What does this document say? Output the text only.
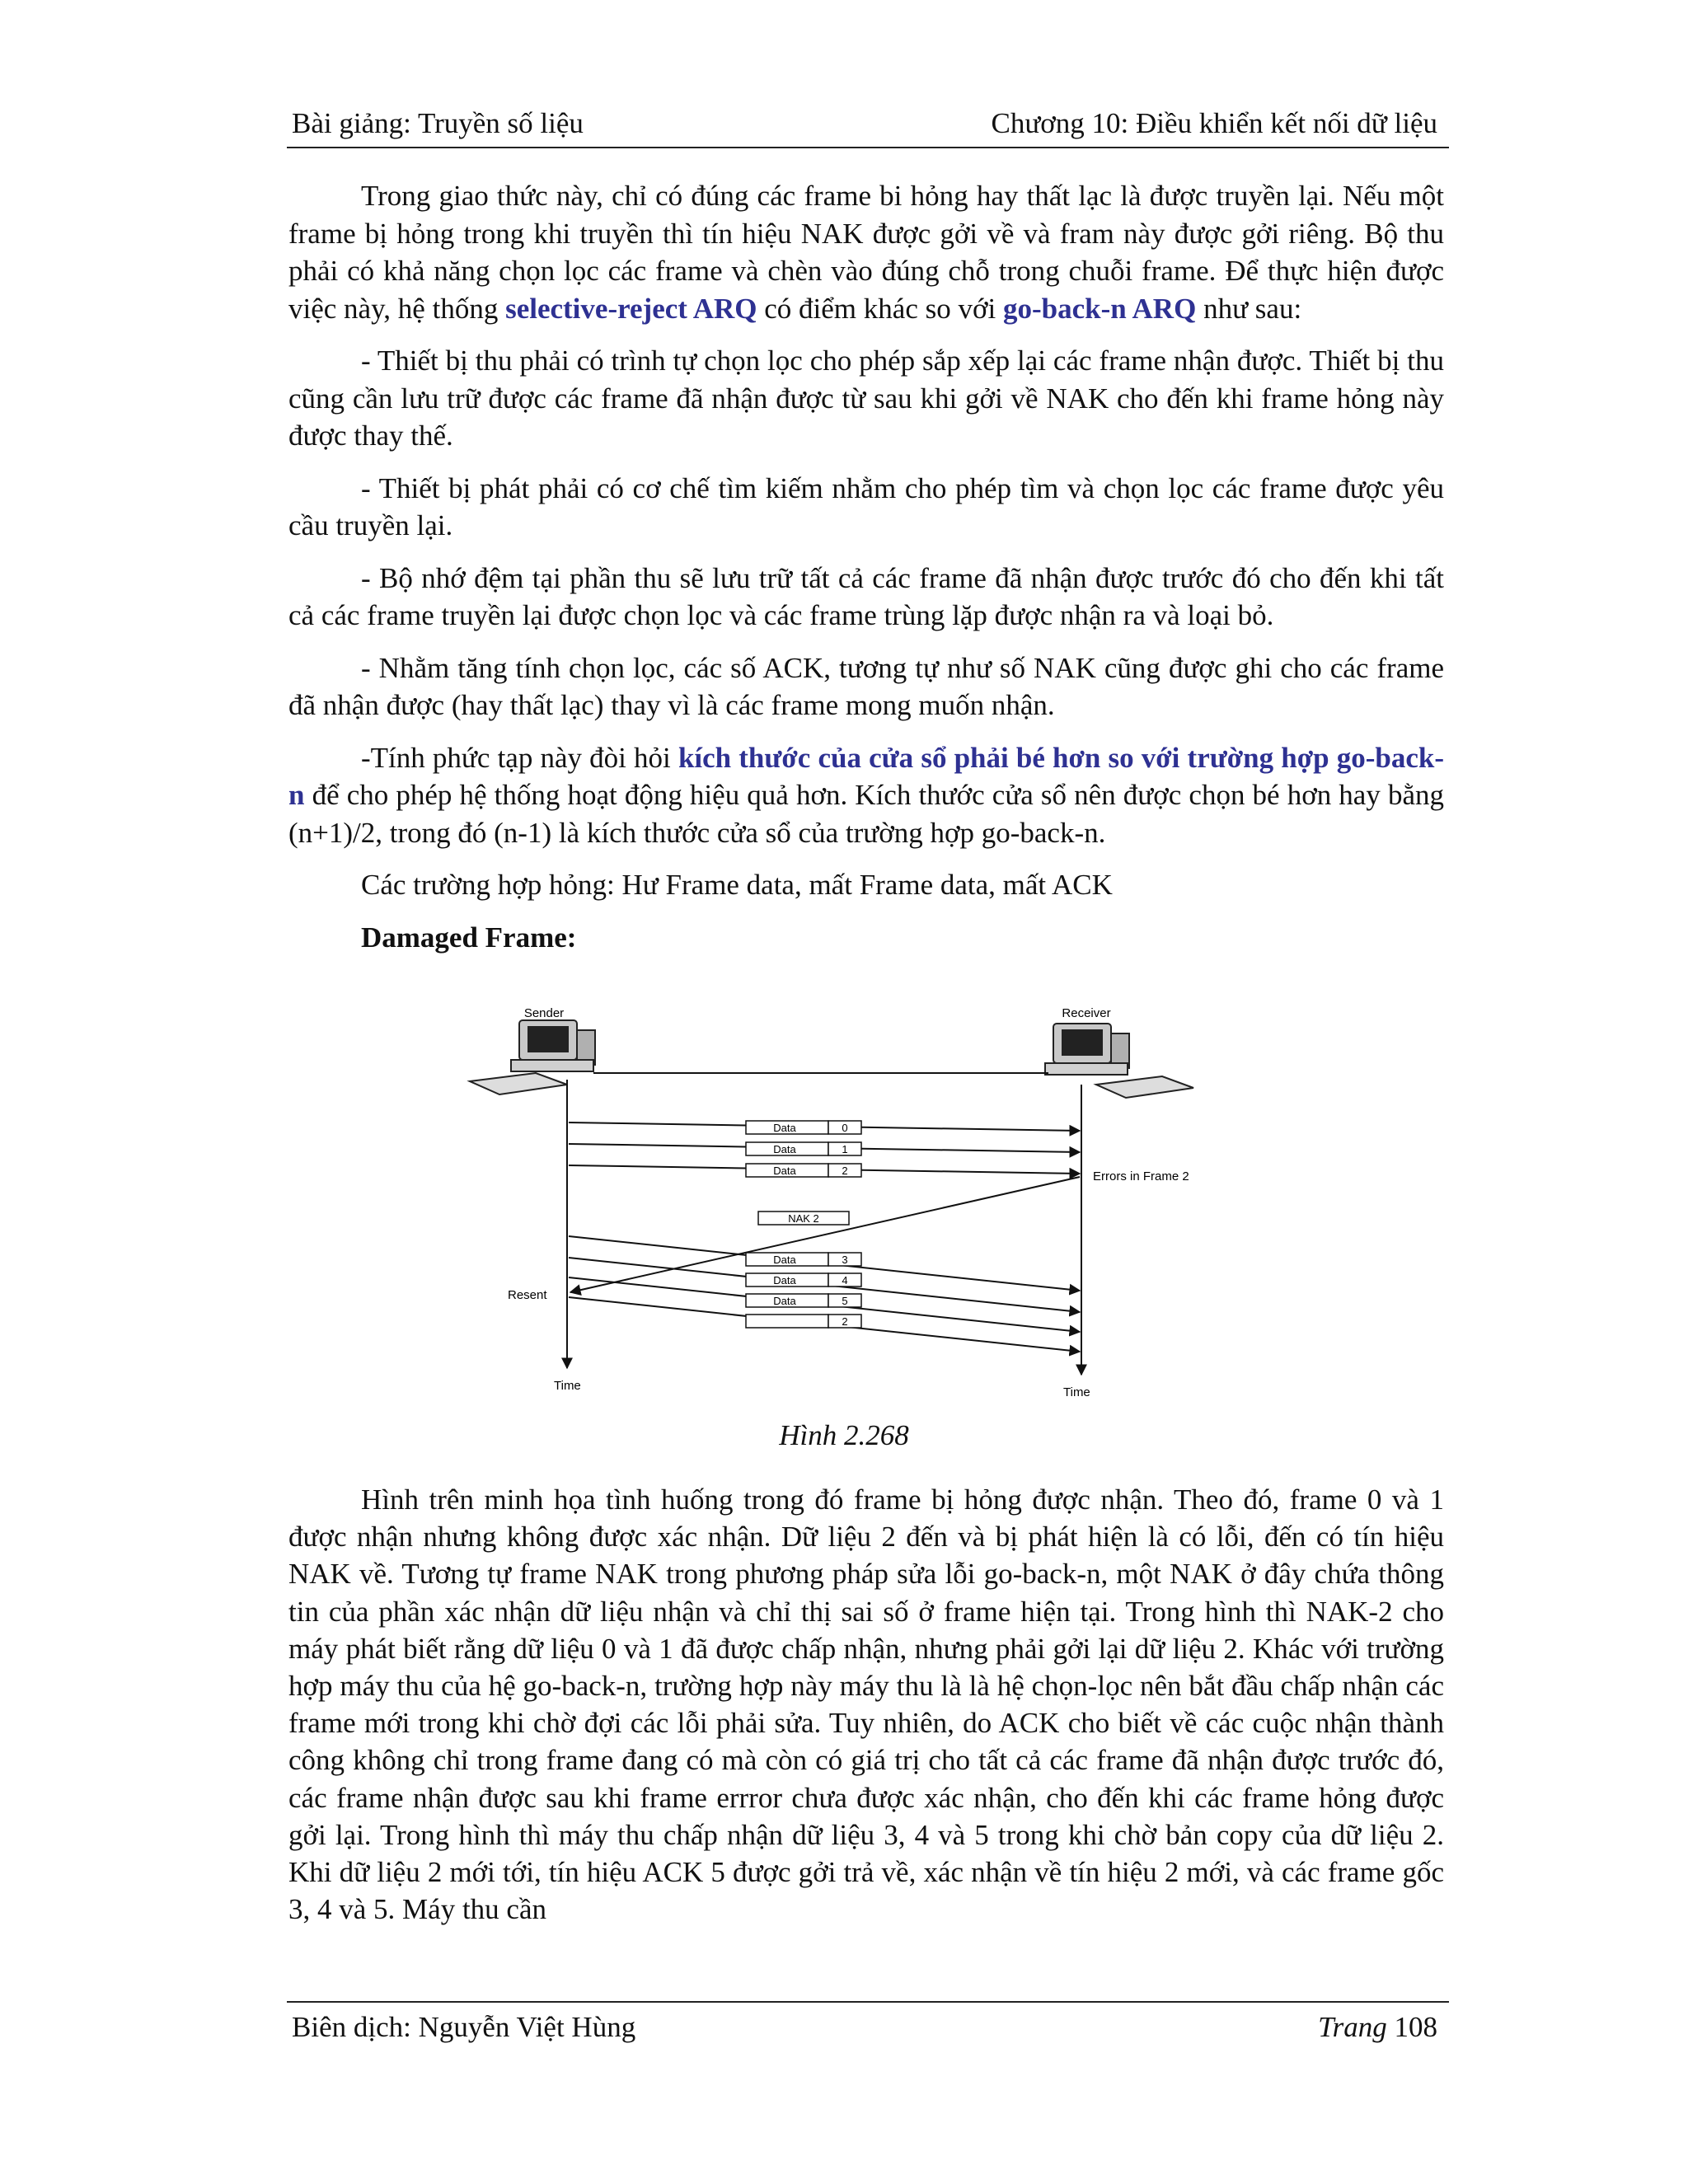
Bài giảng: Truyền số liệu	Chương 10: Điều khiển kết nối dữ liệu

Trong giao thức này, chỉ có đúng các frame bi hỏng hay thất lạc là được truyền lại. Nếu một frame bị hỏng trong khi truyền thì tín hiệu NAK được gởi về và fram này được gởi riêng. Bộ thu phải có khả năng chọn lọc các frame và chèn vào đúng chỗ trong chuỗi frame. Để thực hiện được việc này, hệ thống selective-reject ARQ có điểm khác so với go-back-n ARQ như sau:

- Thiết bị thu phải có trình tự chọn lọc cho phép sắp xếp lại các frame nhận được. Thiết bị thu cũng cần lưu trữ được các frame đã nhận được từ sau khi gởi về NAK cho đến khi frame hỏng này được thay thế.

- Thiết bị phát phải có cơ chế tìm kiếm nhằm cho phép tìm và chọn lọc các frame được yêu cầu truyền lại.

- Bộ nhớ đệm tại phần thu sẽ lưu trữ tất cả các frame đã nhận được trước đó cho đến khi tất cả các frame truyền lại được chọn lọc và các frame trùng lặp được nhận ra và loại bỏ.

- Nhằm tăng tính chọn lọc, các số ACK, tương tự như số NAK cũng được ghi cho các frame đã nhận được (hay thất lạc) thay vì là các frame mong muốn nhận.

-Tính phức tạp này đòi hỏi kích thước của cửa sổ phải bé hơn so với trường hợp go-back-n để cho phép hệ thống hoạt động hiệu quả hơn. Kích thước cửa sổ nên được chọn bé hơn hay bằng (n+1)/2, trong đó (n-1) là kích thước cửa sổ của trường hợp go-back-n.

Các trường hợp hỏng: Hư Frame data, mất Frame data, mất ACK

Damaged Frame:
Sender	Receiver
Data	0
Data	1
Data	2	Errors in Frame 2
NAK 2
Data	3
Data	4
Data	5
2
Resent
Time	Time
Hình 2.268
Hình trên minh họa tình huống trong đó frame bị hỏng được nhận. Theo đó, frame 0 và 1 được nhận nhưng không được xác nhận. Dữ liệu 2 đến và bị phát hiện là có lỗi, đến có tín hiệu NAK về. Tương tự frame NAK trong phương pháp sửa lỗi go-back-n, một NAK ở đây chứa thông tin của phần xác nhận dữ liệu nhận và chỉ thị sai số ở frame hiện tại. Trong hình thì NAK-2 cho máy phát biết rằng dữ liệu 0 và 1 đã được chấp nhận, nhưng phải gởi lại dữ liệu 2. Khác với trường hợp máy thu của hệ go-back-n, trường hợp này máy thu là là hệ chọn-lọc nên bắt đầu chấp nhận các frame mới trong khi chờ đợi các lỗi phải sửa. Tuy nhiên, do ACK cho biết về các cuộc nhận thành công không chỉ trong frame đang có mà còn có giá trị cho tất cả các frame đã nhận được trước đó, các frame nhận được sau khi frame errror chưa được xác nhận, cho đến khi các frame hỏng được gởi lại. Trong hình thì máy thu chấp nhận dữ liệu 3, 4 và 5 trong khi chờ bản copy của dữ liệu 2. Khi dữ liệu 2 mới tới, tín hiệu ACK 5 được gởi trả về, xác nhận về tín hiệu 2 mới, và các frame gốc 3, 4 và 5. Máy thu cần
Biên dịch: Nguyễn Việt Hùng	Trang 108
